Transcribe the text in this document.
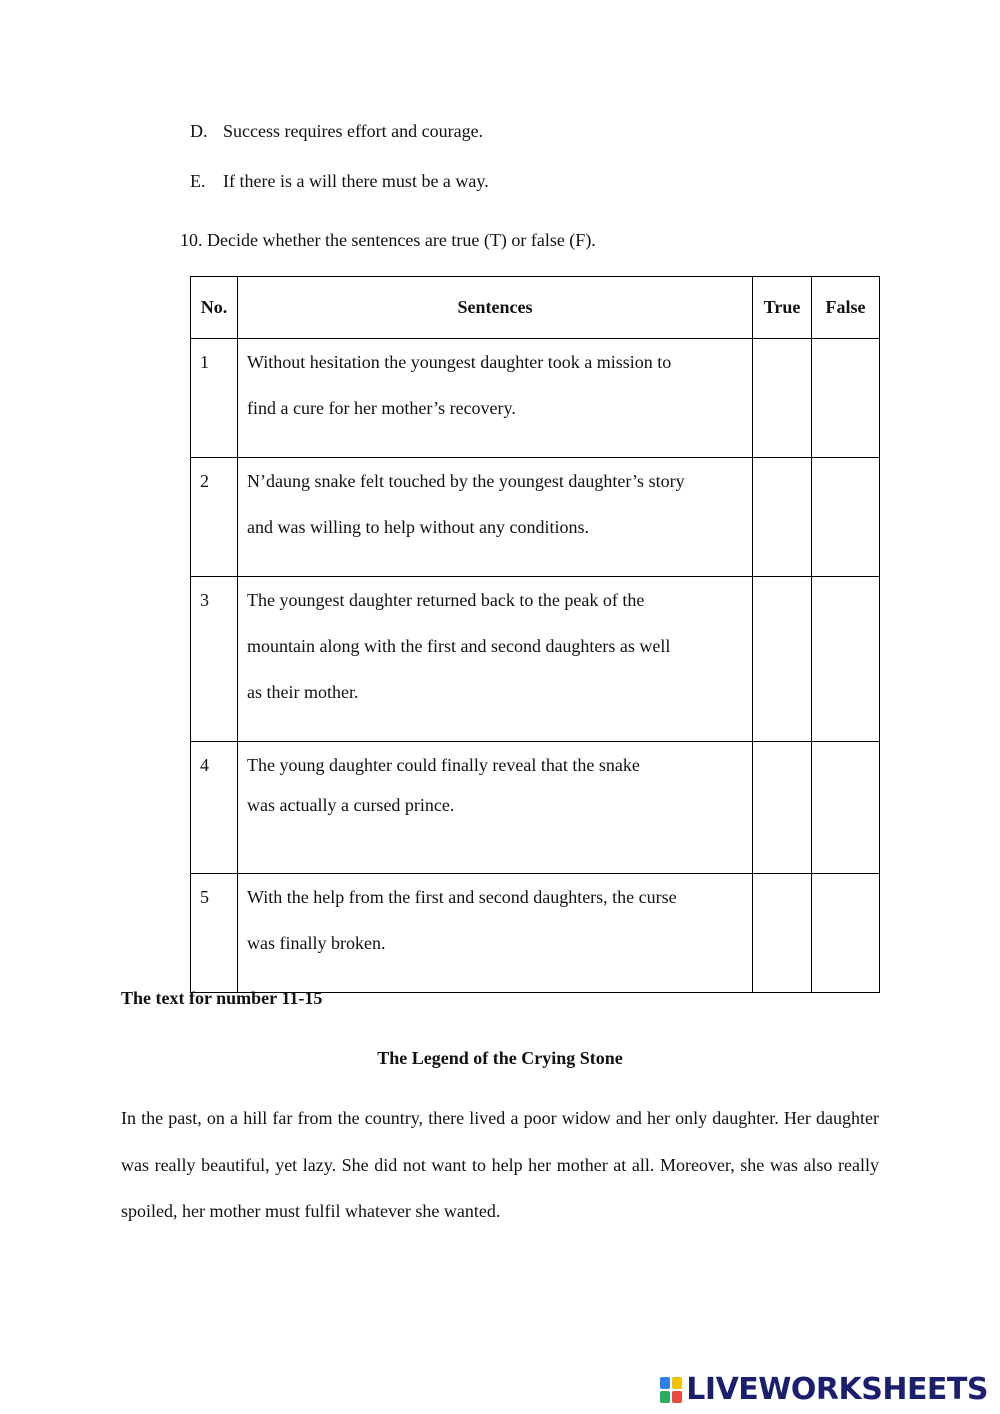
D. Success requires effort and courage.
E. If there is a will there must be a way.
10. Decide whether the sentences are true (T) or false (F).
No.	Sentences	True	False
1	Without hesitation the youngest daughter took a mission to
find a cure for her mother’s recovery.		

2	N’daung snake felt touched by the youngest daughter’s story
and was willing to help without any conditions.		

3	The youngest daughter returned back to the peak of the
mountain along with the first and second daughters as well
as their mother.		

4	The young daughter could finally reveal that the snake
was actually a cursed prince.		

5	With the help from the first and second daughters, the curse
was finally broken.		

The text for number 11-15
The Legend of the Crying Stone

In the past, on a hill far from the country, there lived a poor widow and her only daughter. Her daughter was really beautiful, yet lazy. She did not want to help her mother at all. Moreover, she was also really spoiled, her mother must fulfil whatever she wanted.

LIVEWORKSHEETS
